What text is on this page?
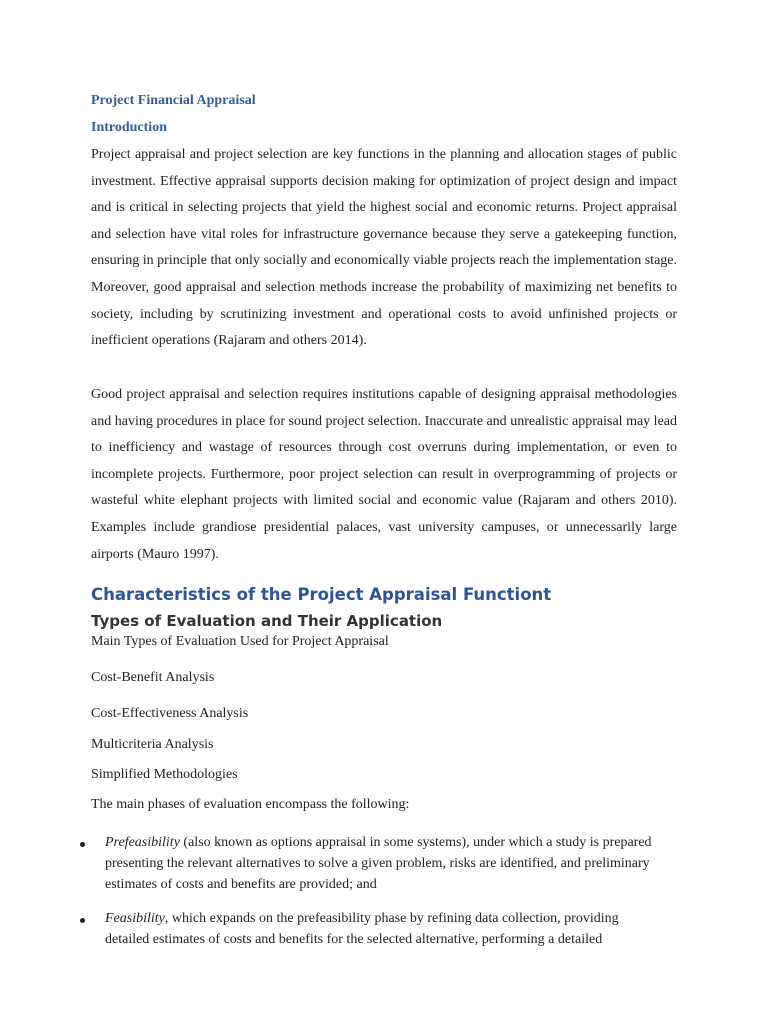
Project Financial Appraisal

Introduction

Project appraisal and project selection are key functions in the planning and allocation stages of public investment. Effective appraisal supports decision making for optimization of project design and impact and is critical in selecting projects that yield the highest social and economic returns. Project appraisal and selection have vital roles for infrastructure governance because they serve a gatekeeping function, ensuring in principle that only socially and economically viable projects reach the implementation stage. Moreover, good appraisal and selection methods increase the probability of maximizing net benefits to society, including by scrutinizing investment and operational costs to avoid unfinished projects or inefficient operations (Rajaram and others 2014).

Good project appraisal and selection requires institutions capable of designing appraisal methodologies and having procedures in place for sound project selection. Inaccurate and unrealistic appraisal may lead to inefficiency and wastage of resources through cost overruns during implementation, or even to incomplete projects. Furthermore, poor project selection can result in overprogramming of projects or wasteful white elephant projects with limited social and economic value (Rajaram and others 2010). Examples include grandiose presidential palaces, vast university campuses, or unnecessarily large airports (Mauro 1997).

Characteristics of the Project Appraisal Functiont
Types of Evaluation and Their Application

Main Types of Evaluation Used for Project Appraisal

Cost-Benefit Analysis

Cost-Effectiveness Analysis

Multicriteria Analysis

Simplified Methodologies

The main phases of evaluation encompass the following:

Prefeasibility (also known as options appraisal in some systems), under which a study is prepared presenting the relevant alternatives to solve a given problem, risks are identified, and preliminary estimates of costs and benefits are provided; and

Feasibility, which expands on the prefeasibility phase by refining data collection, providing detailed estimates of costs and benefits for the selected alternative, performing a detailed
